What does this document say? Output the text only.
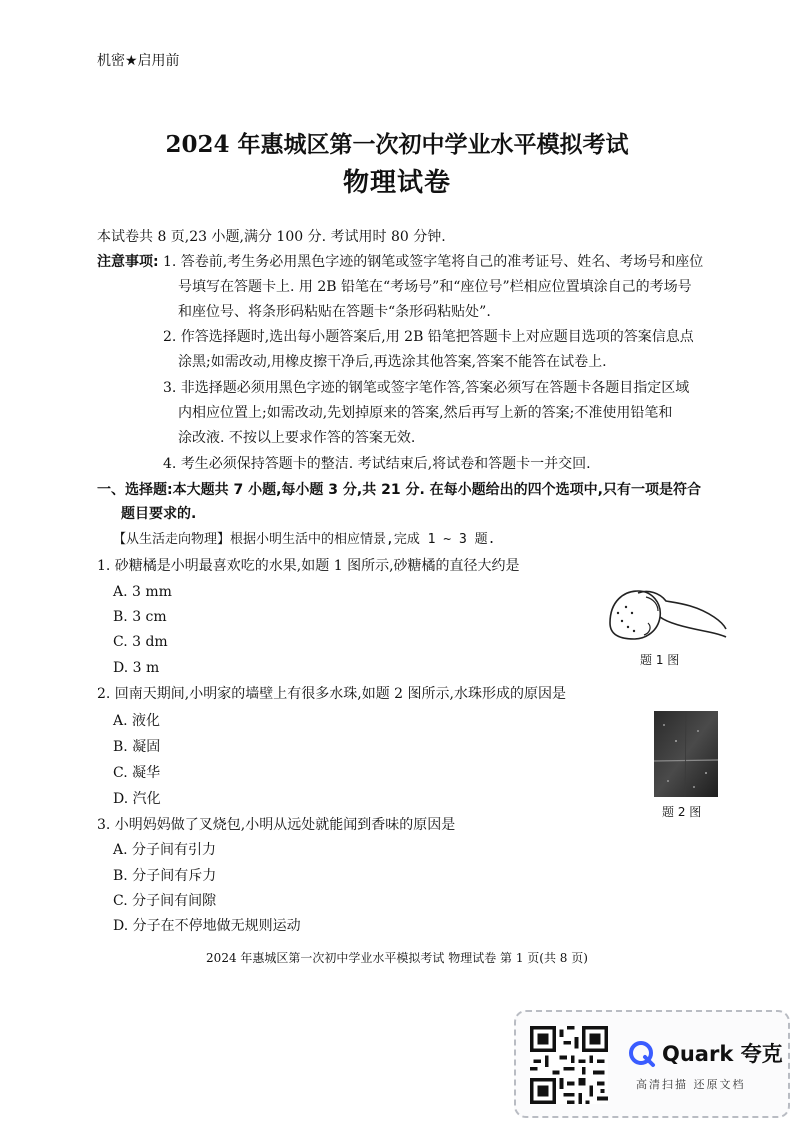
机密★启用前
2024 年惠城区第一次初中学业水平模拟考试
物理试卷
本试卷共 8 页,23 小题,满分 100 分. 考试用时 80 分钟.
注意事项: 1. 答卷前,考生务必用黑色字迹的钢笔或签字笔将自己的准考证号、姓名、考场号和座位
号填写在答题卡上. 用 2B 铅笔在“考场号”和“座位号”栏相应位置填涂自己的考场号
和座位号、将条形码粘贴在答题卡“条形码粘贴处”.
2. 作答选择题时,选出每小题答案后,用 2B 铅笔把答题卡上对应题目选项的答案信息点
涂黑;如需改动,用橡皮擦干净后,再选涂其他答案,答案不能答在试卷上.
3. 非选择题必须用黑色字迹的钢笔或签字笔作答,答案必须写在答题卡各题目指定区域
内相应位置上;如需改动,先划掉原来的答案,然后再写上新的答案;不准使用铅笔和
涂改液. 不按以上要求作答的答案无效.
4. 考生必须保持答题卡的整洁. 考试结束后,将试卷和答题卡一并交回.
一、选择题:本大题共 7 小题,每小题 3 分,共 21 分. 在每小题给出的四个选项中,只有一项是符合
题目要求的.
【从生活走向物理】根据小明生活中的相应情景,完成 1 ~ 3 题.
1. 砂糖橘是小明最喜欢吃的水果,如题 1 图所示,砂糖橘的直径大约是
A. 3 mm
B. 3 cm
C. 3 dm
D. 3 m	题 1 图
2. 回南天期间,小明家的墙壁上有很多水珠,如题 2 图所示,水珠形成的原因是
A. 液化
B. 凝固
C. 凝华
D. 汽化
题 2 图
3. 小明妈妈做了叉烧包,小明从远处就能闻到香味的原因是
A. 分子间有引力
B. 分子间有斥力
C. 分子间有间隙
D. 分子在不停地做无规则运动
2024 年惠城区第一次初中学业水平模拟考试 物理试卷 第 1 页(共 8 页)
Quark 夸克
高清扫描 还原文档
